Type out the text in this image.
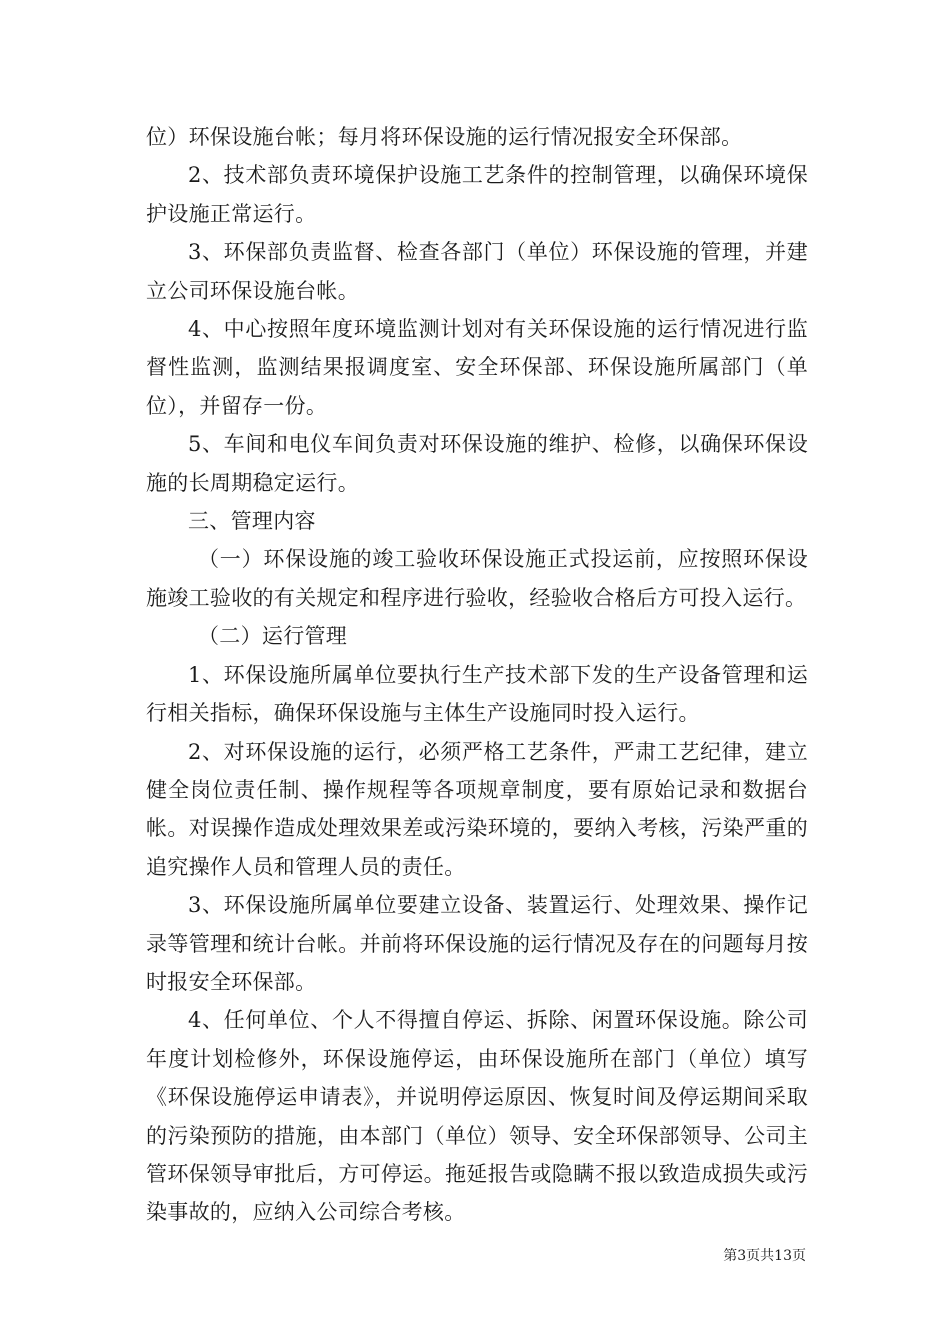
位）环保设施台帐；每月将环保设施的运行情况报安全环保部。

2、技术部负责环境保护设施工艺条件的控制管理，以确保环境保护设施正常运行。

3、环保部负责监督、检查各部门（单位）环保设施的管理，并建立公司环保设施台帐。

4、中心按照年度环境监测计划对有关环保设施的运行情况进行监督性监测，监测结果报调度室、安全环保部、环保设施所属部门（单位），并留存一份。

5、车间和电仪车间负责对环保设施的维护、检修，以确保环保设施的长周期稳定运行。

三、管理内容

（一）环保设施的竣工验收环保设施正式投运前，应按照环保设施竣工验收的有关规定和程序进行验收，经验收合格后方可投入运行。

（二）运行管理

1、环保设施所属单位要执行生产技术部下发的生产设备管理和运行相关指标，确保环保设施与主体生产设施同时投入运行。

2、对环保设施的运行，必须严格工艺条件，严肃工艺纪律，建立健全岗位责任制、操作规程等各项规章制度，要有原始记录和数据台帐。对误操作造成处理效果差或污染环境的，要纳入考核，污染严重的追究操作人员和管理人员的责任。

3、环保设施所属单位要建立设备、装置运行、处理效果、操作记录等管理和统计台帐。并前将环保设施的运行情况及存在的问题每月按时报安全环保部。

4、任何单位、个人不得擅自停运、拆除、闲置环保设施。除公司年度计划检修外，环保设施停运，由环保设施所在部门（单位）填写《环保设施停运申请表》，并说明停运原因、恢复时间及停运期间采取的污染预防的措施，由本部门（单位）领导、安全环保部领导、公司主管环保领导审批后，方可停运。拖延报告或隐瞒不报以致造成损失或污染事故的，应纳入公司综合考核。

第3页共13页
